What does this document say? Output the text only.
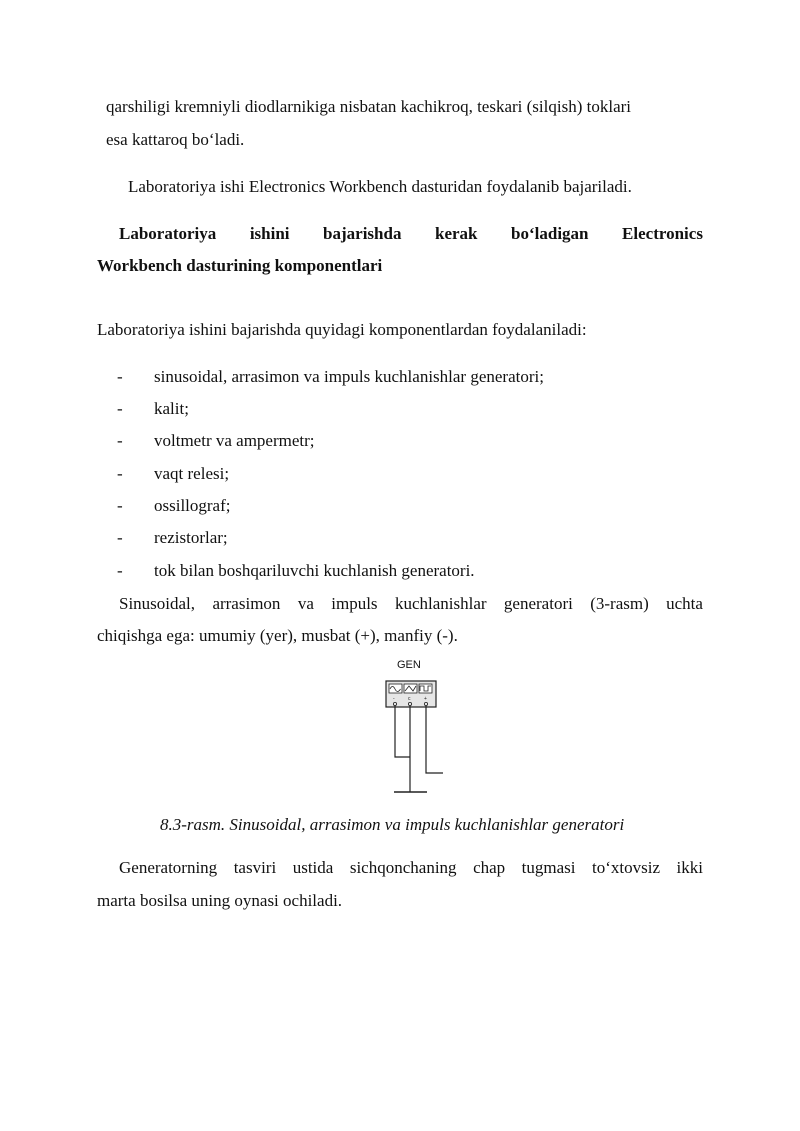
qarshiligi kremniyli diodlarnikiga nisbatan kachikroq, teskari (silqish) toklari
esa kattaroq bo‘ladi.
Laboratoriya ishi Electronics Workbench dasturidan foydalanib bajariladi.
Laboratoriya ishini bajarishda kerak bo‘ladigan Electronics
Workbench dasturining komponentlari
Laboratoriya ishini bajarishda quyidagi komponentlardan foydalaniladi:
- sinusoidal, arrasimon va impuls kuchlanishlar generatori;
- kalit;
- voltmetr va ampermetr;
- vaqt relesi;
- ossillograf;
- rezistorlar;
- tok bilan boshqariluvchi kuchlanish generatori.
Sinusoidal, arrasimon va impuls kuchlanishlar generatori (3-rasm) uchta
chiqishga ega: umumiy (yer), musbat (+), manfiy (-).
GEN
-	c	+
8.3-rasm. Sinusoidal, arrasimon va impuls kuchlanishlar generatori
Generatorning tasviri ustida sichqonchaning chap tugmasi to‘xtovsiz ikki
marta bosilsa uning oynasi ochiladi.
